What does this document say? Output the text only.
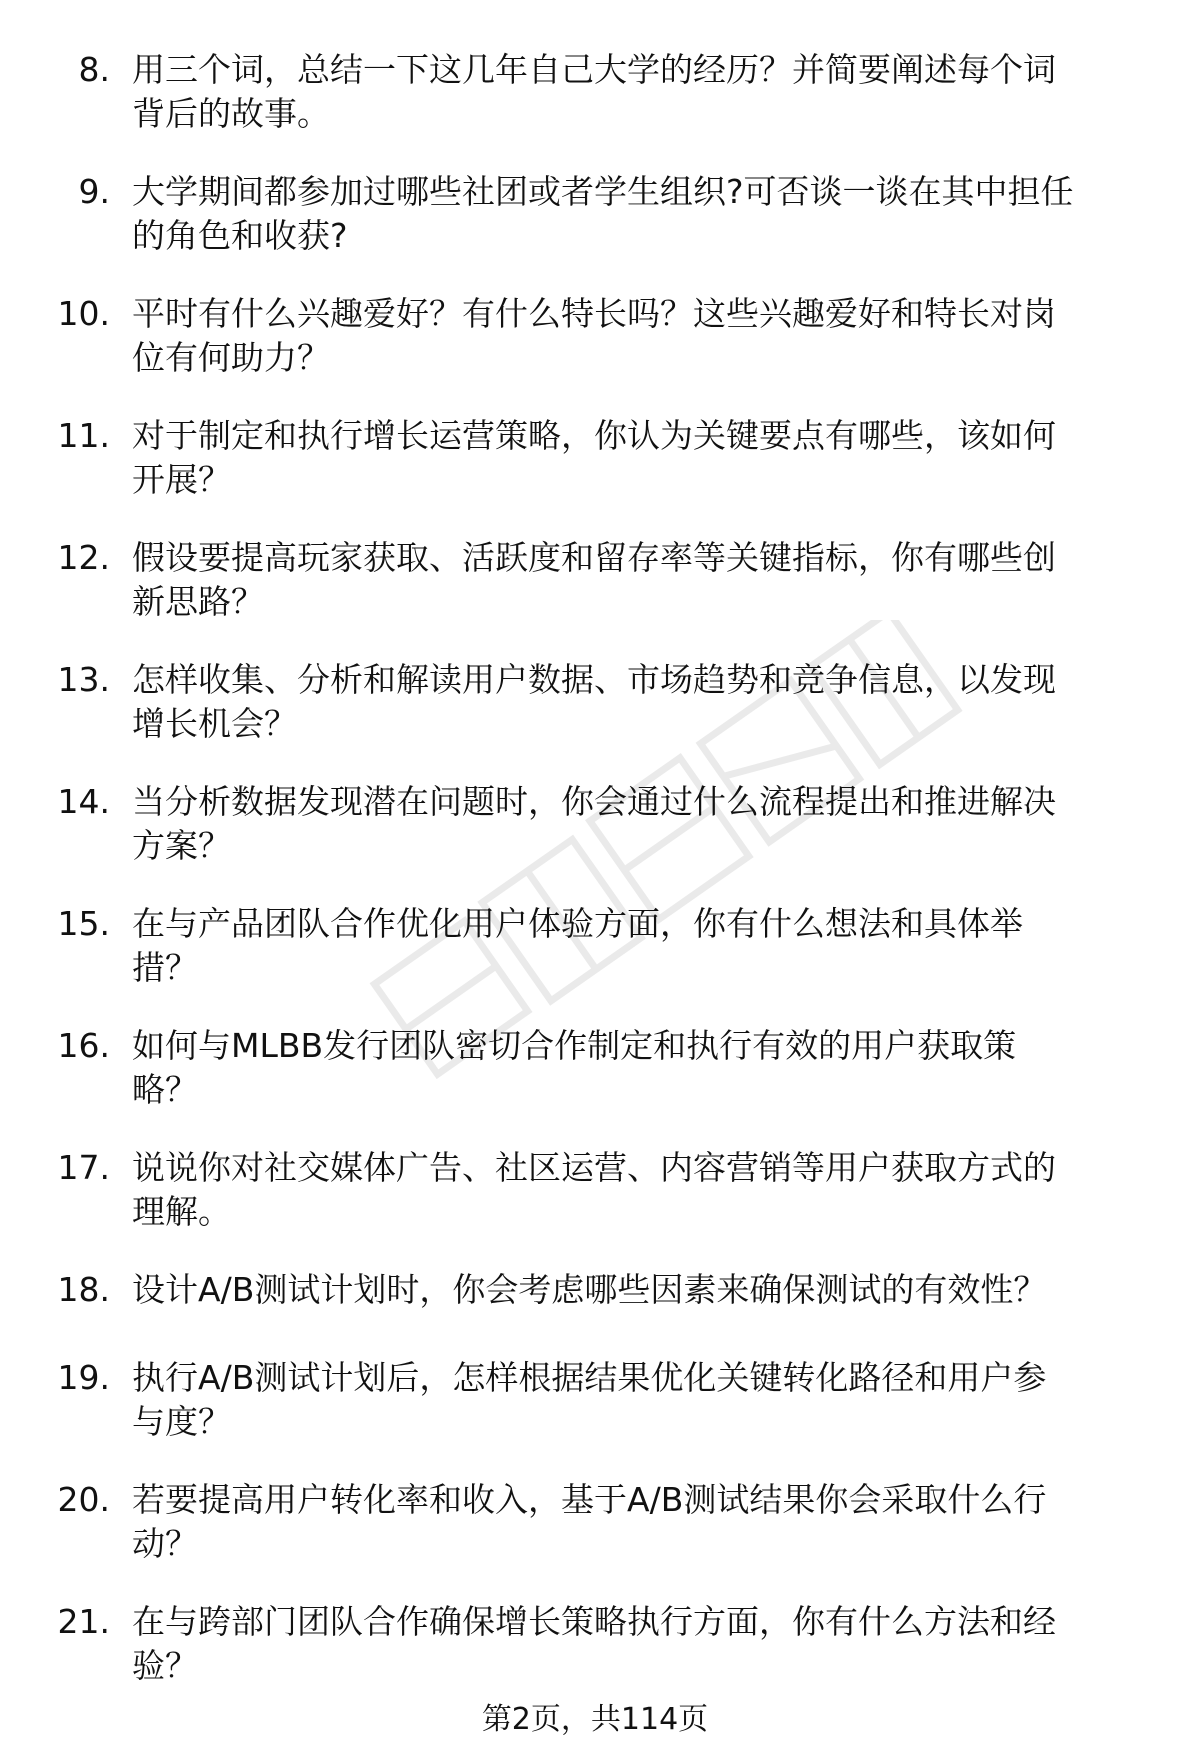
8. 用三个词，总结一下这几年自己大学的经历？并简要阐述每个词
背后的故事。
9. 大学期间都参加过哪些社团或者学生组织?可否谈一谈在其中担任
的角色和收获?
10. 平时有什么兴趣爱好？有什么特长吗？这些兴趣爱好和特长对岗
位有何助力？
11. 对于制定和执行增长运营策略，你认为关键要点有哪些，该如何
开展？
12. 假设要提高玩家获取、活跃度和留存率等关键指标，你有哪些创
新思路？
13. 怎样收集、分析和解读用户数据、市场趋势和竞争信息，以发现
增长机会？
14. 当分析数据发现潜在问题时，你会通过什么流程提出和推进解决
方案？
15. 在与产品团队合作优化用户体验方面，你有什么想法和具体举
措？
16. 如何与MLBB发行团队密切合作制定和执行有效的用户获取策
略？
17. 说说你对社交媒体广告、社区运营、内容营销等用户获取方式的
理解。
18. 设计A/B测试计划时，你会考虑哪些因素来确保测试的有效性？
19. 执行A/B测试计划后，怎样根据结果优化关键转化路径和用户参
与度？
20. 若要提高用户转化率和收入，基于A/B测试结果你会采取什么行
动？
21. 在与跨部门团队合作确保增长策略执行方面，你有什么方法和经
验？
第2页，共114页
